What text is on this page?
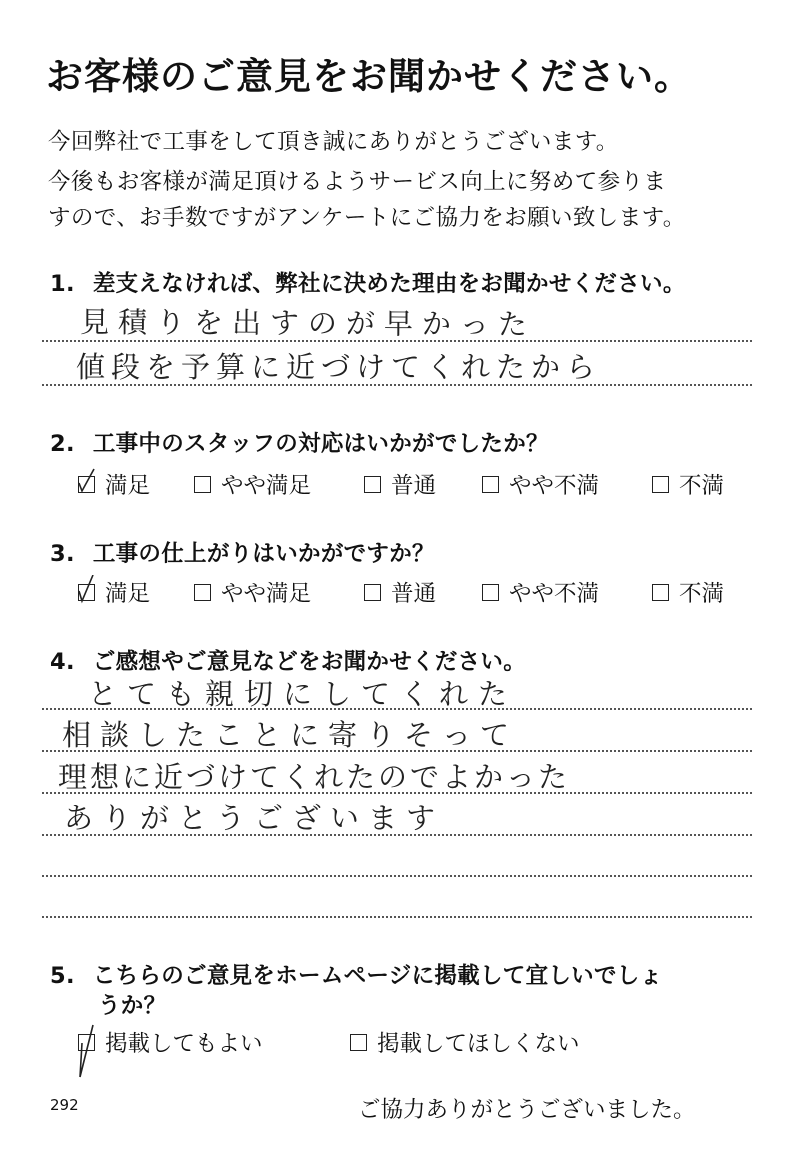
お客様のご意見をお聞かせください。
今回弊社で工事をして頂き誠にありがとうございます。
今後もお客様が満足頂けるようサービス向上に努めて参りま
すので、お手数ですがアンケートにご協力をお願い致します。
1. 差支えなければ、弊社に決めた理由をお聞かせください。
見積りを出すのが早かった
値段を予算に近づけてくれたから
2. 工事中のスタッフの対応はいかがでしたか？
満足	やや満足	普通	やや不満	不満
3. 工事の仕上がりはいかがですか？
満足	やや満足	普通	やや不満	不満
4. ご感想やご意見などをお聞かせください。
とても親切にしてくれた
相談したことに寄りそって
理想に近づけてくれたのでよかった
ありがとうございます
5. こちらのご意見をホームページに掲載して宜しいでしょ
うか？
掲載してもよい	掲載してほしくない
292	ご協力ありがとうございました。
